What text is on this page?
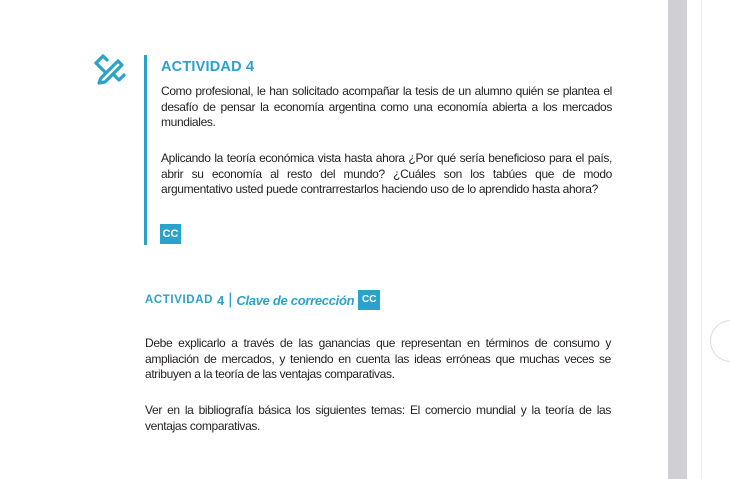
ACTIVIDAD 4
Como profesional, le han solicitado acompañar la tesis de un alumno quién se plantea el desafío de pensar la economía argentina como una economía abierta a los mercados mundiales.
Aplicando la teoría económica vista hasta ahora ¿Por qué sería beneficioso para el país, abrir su economía al resto del mundo? ¿Cuáles son los tabúes que de modo argumentativo usted puede contrarrestarlos haciendo uso de lo aprendido hasta ahora?
CC
ACTIVIDAD 4 | Clave de corrección CC
Debe explicarlo a través de las ganancias que representan en términos de consumo y ampliación de mercados, y teniendo en cuenta las ideas erróneas que muchas veces se atribuyen a la teoría de las ventajas comparativas.
Ver en la bibliografía básica los siguientes temas: El comercio mundial y la teoría de las ventajas comparativas.
